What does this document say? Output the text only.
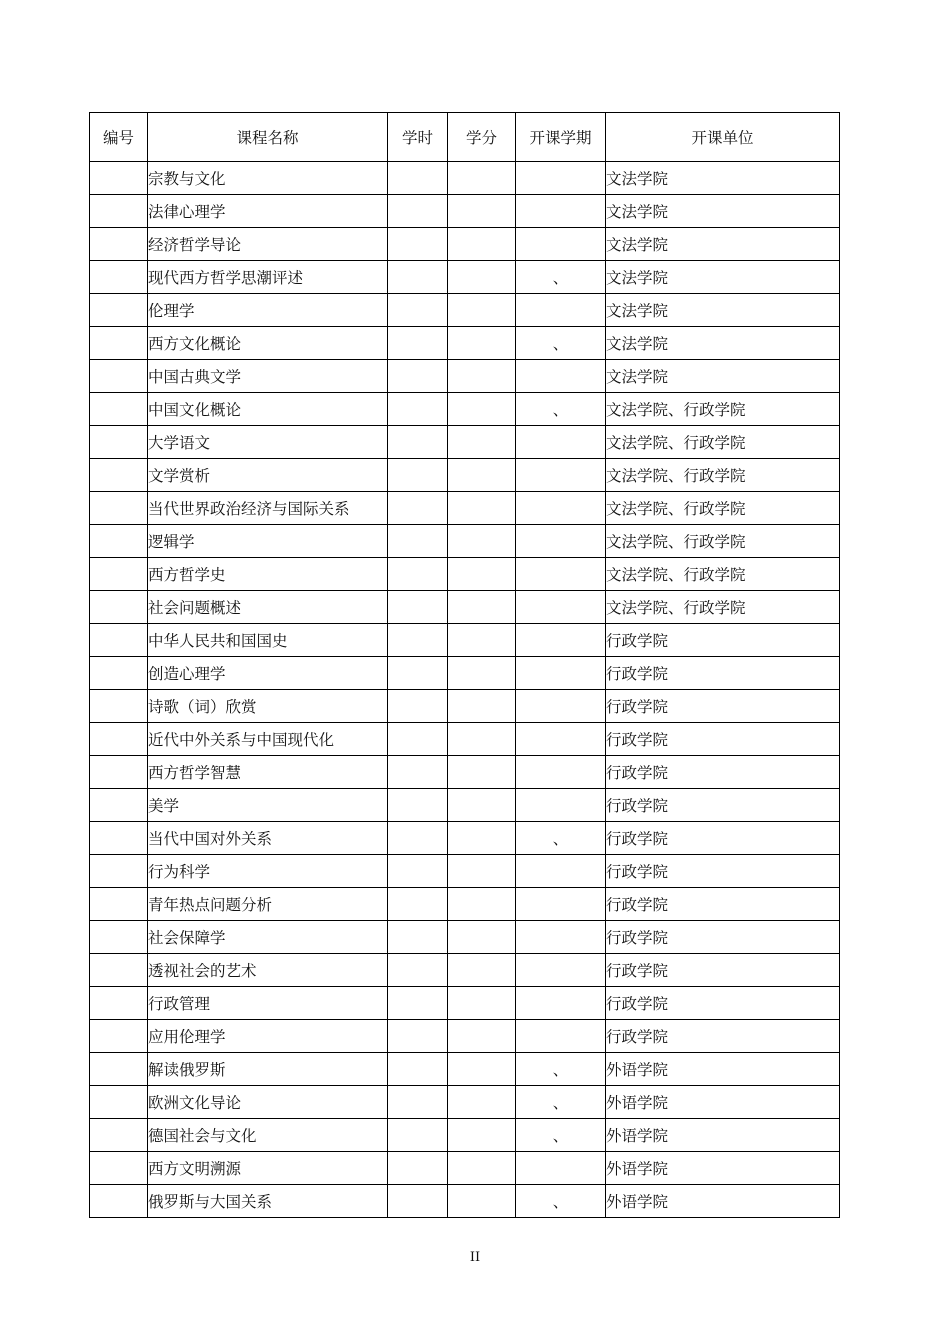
编号	课程名称	学时	学分	开课学期	开课单位
	宗教与文化				文法学院
	法律心理学				文法学院
	经济哲学导论				文法学院
	现代西方哲学思潮评述			、	文法学院
	伦理学				文法学院
	西方文化概论			、	文法学院
	中国古典文学				文法学院
	中国文化概论			、	文法学院、行政学院
	大学语文				文法学院、行政学院
	文学赏析				文法学院、行政学院
	当代世界政治经济与国际关系				文法学院、行政学院
	逻辑学				文法学院、行政学院
	西方哲学史				文法学院、行政学院
	社会问题概述				文法学院、行政学院
	中华人民共和国国史				行政学院
	创造心理学				行政学院
	诗歌（词）欣赏				行政学院
	近代中外关系与中国现代化				行政学院
	西方哲学智慧				行政学院
	美学				行政学院
	当代中国对外关系			、	行政学院
	行为科学				行政学院
	青年热点问题分析				行政学院
	社会保障学				行政学院
	透视社会的艺术				行政学院
	行政管理				行政学院
	应用伦理学				行政学院
	解读俄罗斯			、	外语学院
	欧洲文化导论			、	外语学院
	德国社会与文化			、	外语学院
	西方文明溯源				外语学院
	俄罗斯与大国关系			、	外语学院
II
